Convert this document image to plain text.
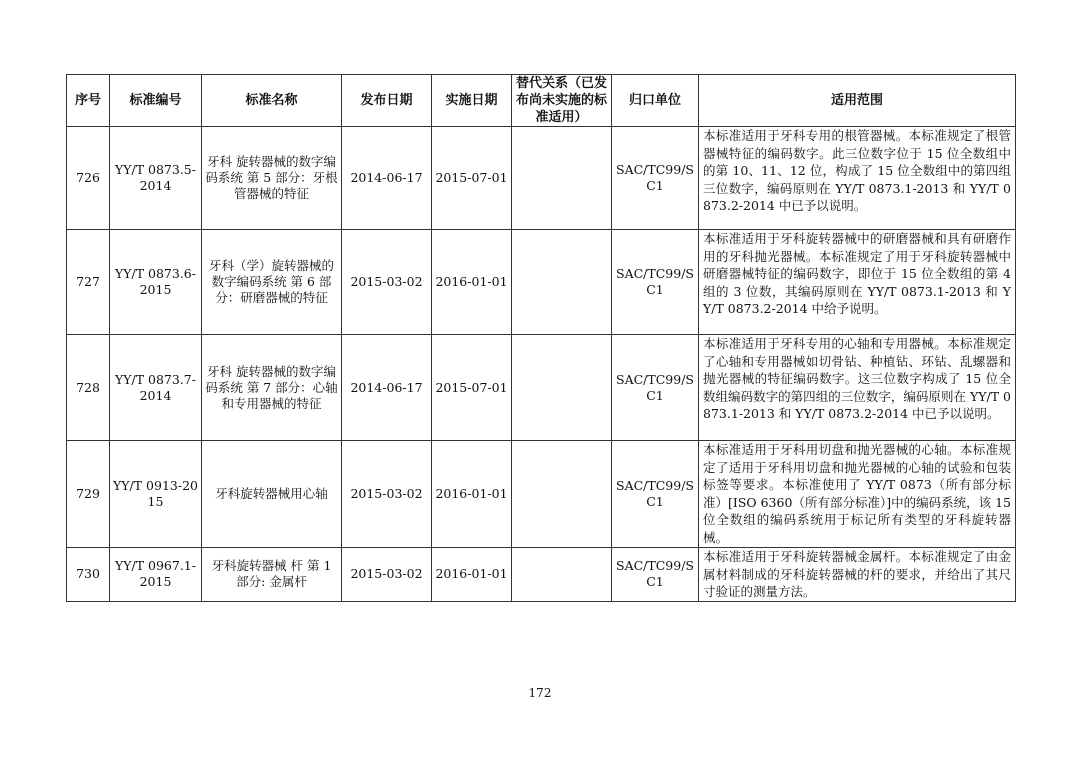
序号	标准编号	标准名称	发布日期	实施日期	替代关系（已发布尚未实施的标准适用）	归口单位	适用范围
726	YY/T 0873.5-2014	牙科 旋转器械的数字编码系统 第 5 部分：牙根管器械的特征	2014-06-17	2015-07-01		SAC/TC99/SC1	本标准适用于牙科专用的根管器械。本标准规定了根管器械特征的编码数字。此三位数字位于 15 位全数组中的第 10、11、12 位，构成了 15 位全数组中的第四组三位数字，编码原则在 YY/T 0873.1-2013 和 YY/T 0873.2-2014 中已予以说明。
727	YY/T 0873.6-2015	牙科（学）旋转器械的数字编码系统 第 6 部分：研磨器械的特征	2015-03-02	2016-01-01		SAC/TC99/SC1	本标准适用于牙科旋转器械中的研磨器械和具有研磨作用的牙科抛光器械。本标准规定了用于牙科旋转器械中研磨器械特征的编码数字，即位于 15 位全数组的第 4 组的 3 位数，其编码原则在 YY/T 0873.1-2013 和 YY/T 0873.2-2014 中给予说明。
728	YY/T 0873.7-2014	牙科 旋转器械的数字编码系统 第 7 部分：心轴和专用器械的特征	2014-06-17	2015-07-01		SAC/TC99/SC1	本标准适用于牙科专用的心轴和专用器械。本标准规定了心轴和专用器械如切骨钻、种植钻、环钻、乱螺器和抛光器械的特征编码数字。这三位数字构成了 15 位全数组编码数字的第四组的三位数字，编码原则在 YY/T 0873.1-2013 和 YY/T 0873.2-2014 中已予以说明。
729	YY/T 0913-2015	牙科旋转器械用心轴	2015-03-02	2016-01-01		SAC/TC99/SC1	本标准适用于牙科用切盘和抛光器械的心轴。本标准规定了适用于牙科用切盘和抛光器械的心轴的试验和包装标签等要求。本标准使用了 YY/T 0873（所有部分标准）[ISO 6360（所有部分标准）]中的编码系统，该 15 位全数组的编码系统用于标记所有类型的牙科旋转器械。
730	YY/T 0967.1-2015	牙科旋转器械 杆 第 1 部分: 金属杆	2015-03-02	2016-01-01		SAC/TC99/SC1	本标准适用于牙科旋转器械金属杆。本标准规定了由金属材料制成的牙科旋转器械的杆的要求，并给出了其尺寸验证的测量方法。
172
